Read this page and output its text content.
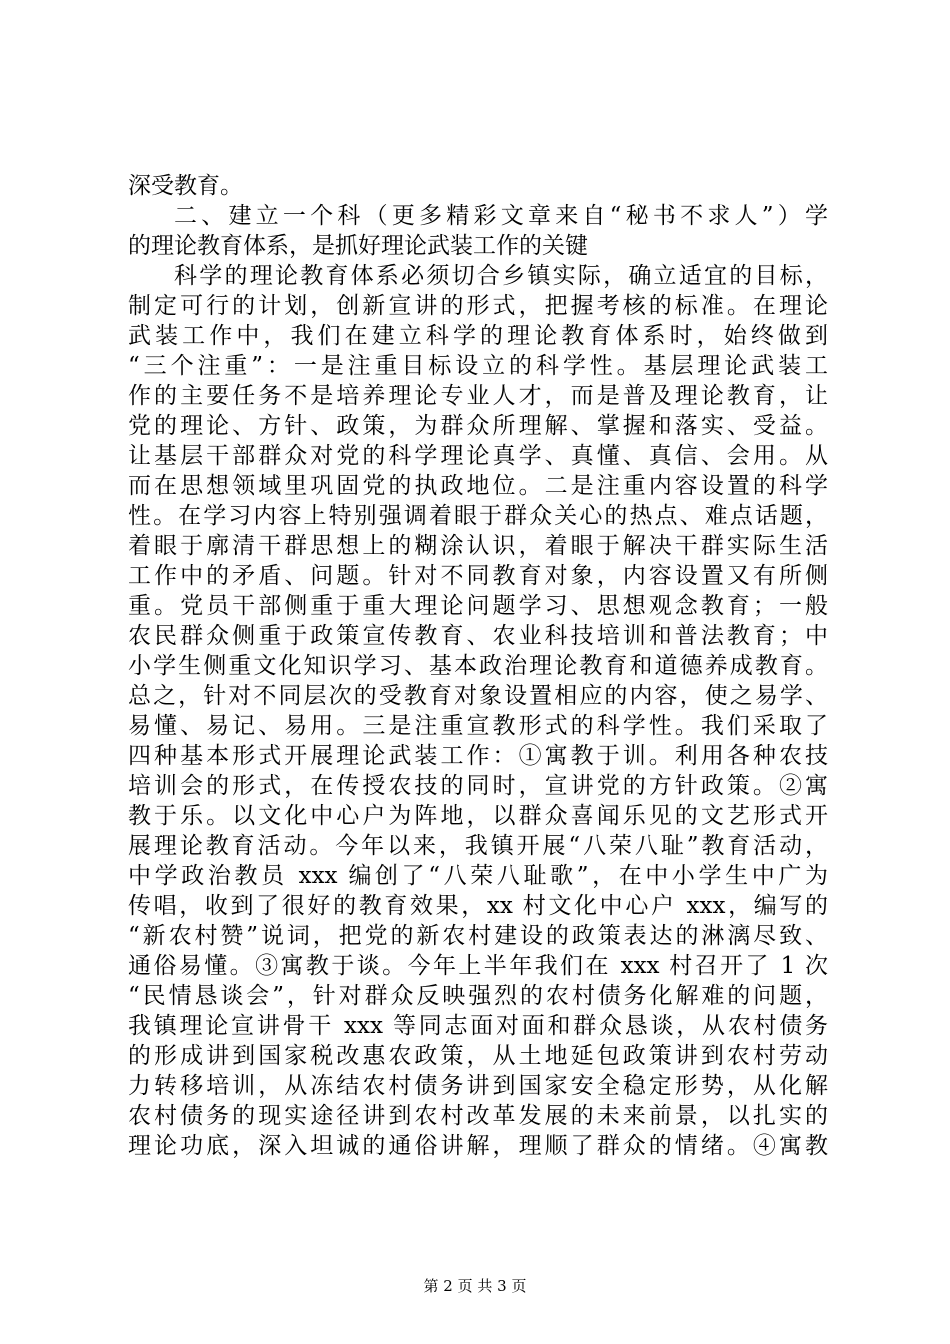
深受教育。
二、建立一个科（更多精彩文章来自“秘书不求人”）学
的理论教育体系，是抓好理论武装工作的关键
科学的理论教育体系必须切合乡镇实际，确立适宜的目标，
制定可行的计划，创新宣讲的形式，把握考核的标准。在理论
武装工作中，我们在建立科学的理论教育体系时，始终做到
“三个注重”：一是注重目标设立的科学性。基层理论武装工
作的主要任务不是培养理论专业人才，而是普及理论教育，让
党的理论、方针、政策，为群众所理解、掌握和落实、受益。
让基层干部群众对党的科学理论真学、真懂、真信、会用。从
而在思想领域里巩固党的执政地位。二是注重内容设置的科学
性。在学习内容上特别强调着眼于群众关心的热点、难点话题，
着眼于廓清干群思想上的糊涂认识，着眼于解决干群实际生活
工作中的矛盾、问题。针对不同教育对象，内容设置又有所侧
重。党员干部侧重于重大理论问题学习、思想观念教育；一般
农民群众侧重于政策宣传教育、农业科技培训和普法教育；中
小学生侧重文化知识学习、基本政治理论教育和道德养成教育。
总之，针对不同层次的受教育对象设置相应的内容，使之易学、
易懂、易记、易用。三是注重宣教形式的科学性。我们采取了
四种基本形式开展理论武装工作：①寓教于训。利用各种农技
培训会的形式，在传授农技的同时，宣讲党的方针政策。②寓
教于乐。以文化中心户为阵地，以群众喜闻乐见的文艺形式开
展理论教育活动。今年以来，我镇开展“八荣八耻”教育活动，
中学政治教员 xxx 编创了“八荣八耻歌”，在中小学生中广为
传唱，收到了很好的教育效果，xx 村文化中心户 xxx，编写的
“新农村赞”说词，把党的新农村建设的政策表达的淋漓尽致、
通俗易懂。③寓教于谈。今年上半年我们在 xxx 村召开了 1 次
“民情恳谈会”，针对群众反映强烈的农村债务化解难的问题，
我镇理论宣讲骨干 xxx 等同志面对面和群众恳谈，从农村债务
的形成讲到国家税改惠农政策，从土地延包政策讲到农村劳动
力转移培训，从冻结农村债务讲到国家安全稳定形势，从化解
农村债务的现实途径讲到农村改革发展的未来前景，以扎实的
理论功底，深入坦诚的通俗讲解，理顺了群众的情绪。④寓教
第 2 页 共 3 页
